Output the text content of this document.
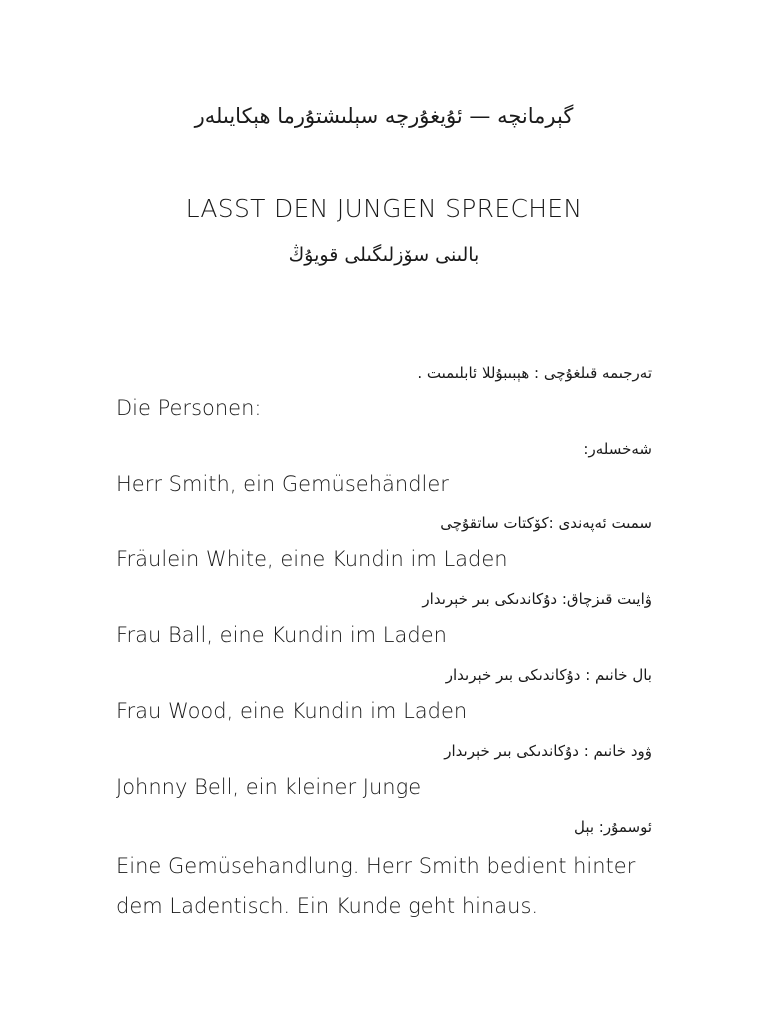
گېرمانچە — ئۇيغۇرچە سېلىشتۇرما ھېكايىلەر
LASST DEN JUNGEN SPRECHEN
بالىنى سۆزلىگىلى قويۇڭ
تەرجىمە قىلغۇچى : ھېبىبۇللا ئابلىمىت .
Die Personen:
شەخسلەر:
Herr Smith, ein Gemüsehändler
سمىت ئەپەندى :كۆكتات ساتقۇچى
Fräulein White, eine Kundin im Laden
ۋايىت قىزچاق: دۇكاندىكى بىر خېرىدار
Frau Ball, eine Kundin im Laden
بال خانىم : دۇكاندىكى بىر خېرىدار
Frau Wood, eine Kundin im Laden
ۋود خانىم : دۇكاندىكى بىر خېرىدار
Johnny Bell, ein kleiner Junge
ئوسمۇر: بېل
Eine Gemüsehandlung. Herr Smith bedient hinter dem Ladentisch. Ein Kunde geht hinaus.
